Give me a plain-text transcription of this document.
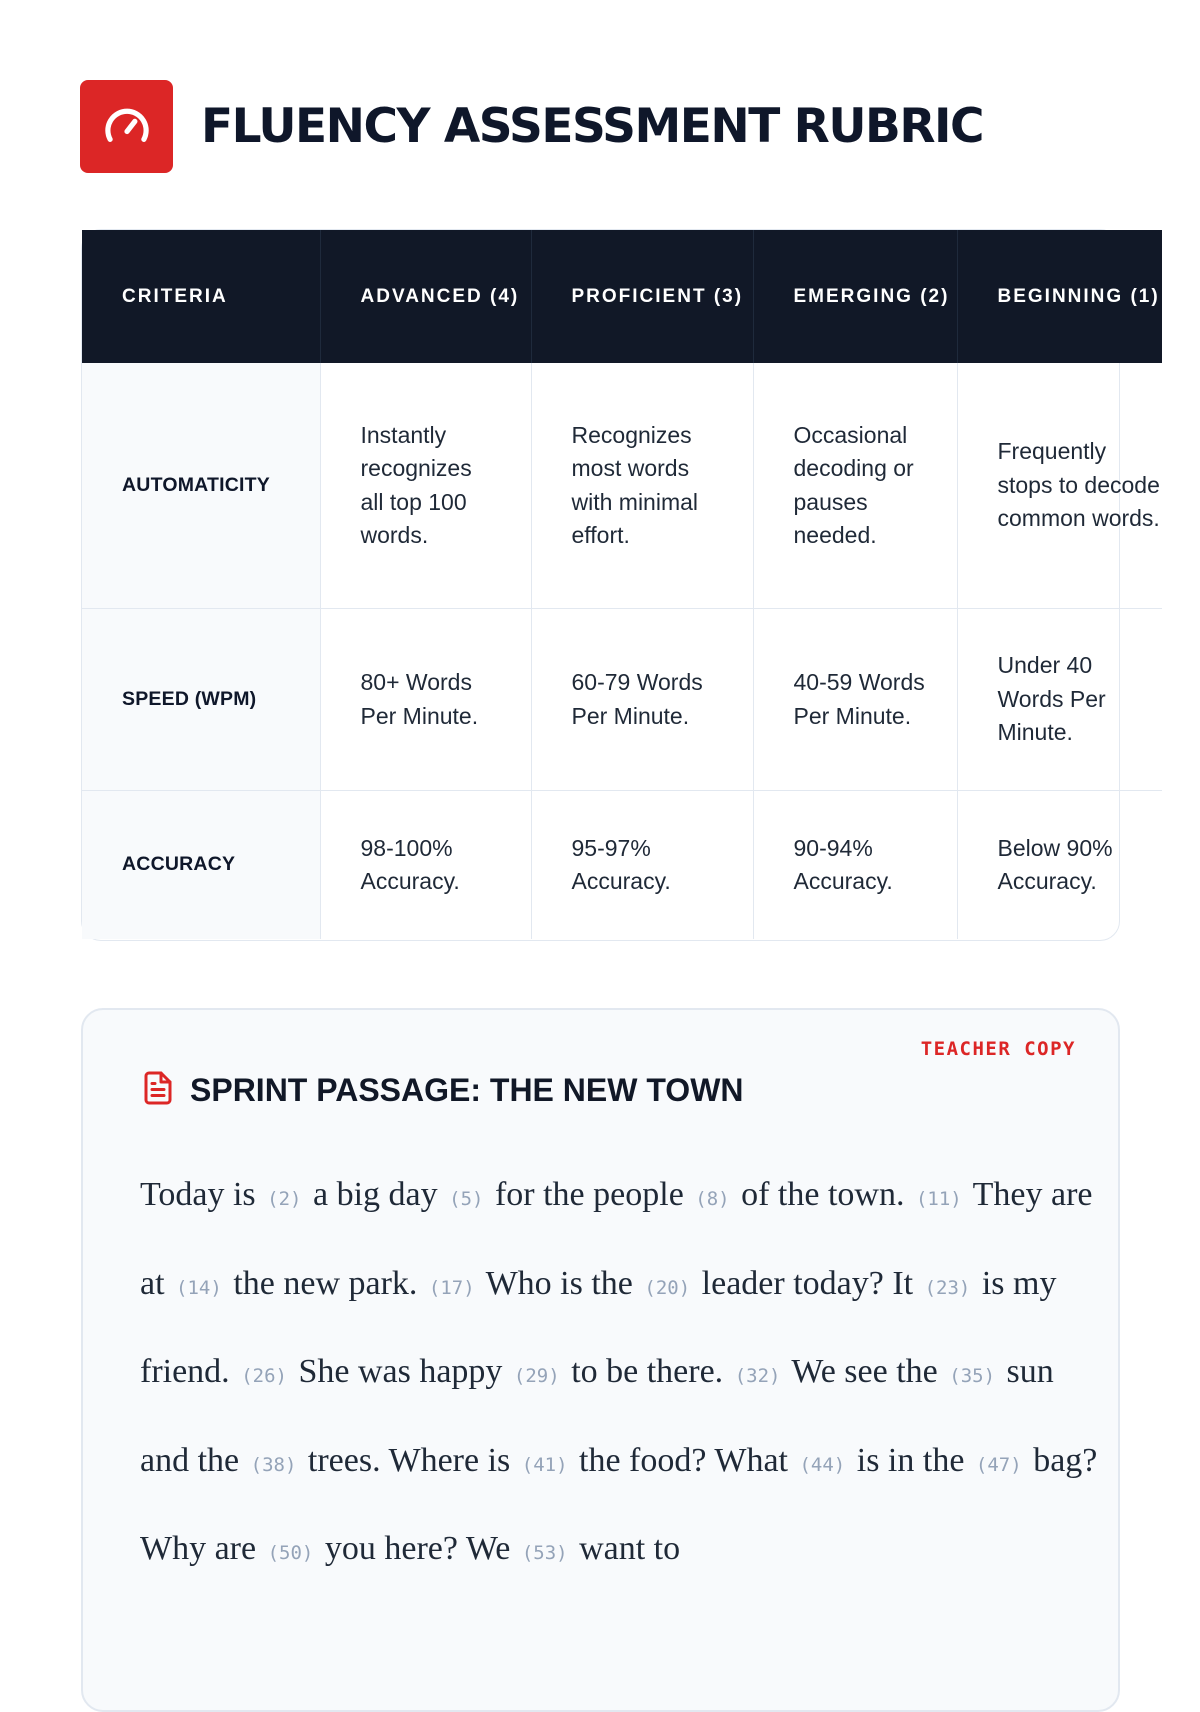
FLUENCY ASSESSMENT RUBRIC
CRITERIA	ADVANCED (4)	PROFICIENT (3)	EMERGING (2)	BEGINNING (1)
AUTOMATICITY	Instantly recognizes all top 100 words.	Recognizes most words with minimal effort.	Occasional decoding or pauses needed.	Frequently stops to decode common words.
SPEED (WPM)	80+ Words Per Minute.	60-79 Words Per Minute.	40-59 Words Per Minute.	Under 40 Words Per Minute.
ACCURACY	98-100% Accuracy.	95-97% Accuracy.	90-94% Accuracy.	Below 90% Accuracy.
TEACHER COPY
SPRINT PASSAGE: THE NEW TOWN
Today is (2) a big day (5) for the people (8) of the town. (11) They are at (14) the new park. (17) Who is the (20) leader today? It (23) is my friend. (26) She was happy (29) to be there. (32) We see the (35) sun and the (38) trees. Where is (41) the food? What (44) is in the (47) bag? Why are (50) you here? We (53) want to
